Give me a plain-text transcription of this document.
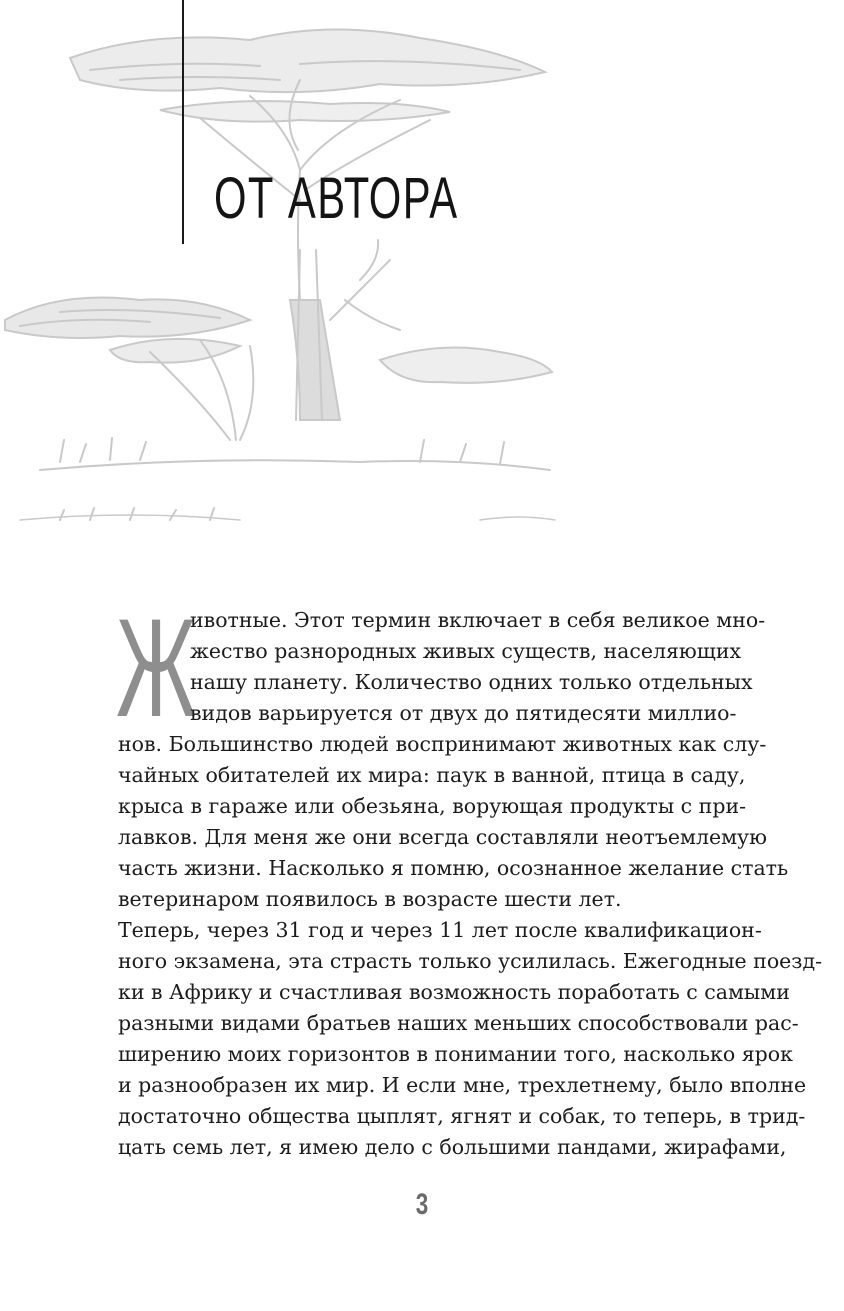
ОТ АВТОРА
Ж
ивотные. Этот термин включает в себя великое мно-
жество разнородных живых существ, населяющих
нашу планету. Количество одних только отдельных
видов варьируется от двух до пятидесяти миллио-
нов. Большинство людей воспринимают животных как слу-
чайных обитателей их мира: паук в ванной, птица в саду,
крыса в гараже или обезьяна, ворующая продукты с при-
лавков. Для меня же они всегда составляли неотъемлемую
часть жизни. Насколько я помню, осознанное желание стать
ветеринаром появилось в возрасте шести лет.
Теперь, через 31 год и через 11 лет после квалификацион-
ного экзамена, эта страсть только усилилась. Ежегодные поезд-
ки в Африку и счастливая возможность поработать с самыми
разными видами братьев наших меньших способствовали рас-
ширению моих горизонтов в понимании того, насколько ярок
и разнообразен их мир. И если мне, трехлетнему, было вполне
достаточно общества цыплят, ягнят и собак, то теперь, в трид-
цать семь лет, я имею дело с большими пандами, жирафами,
3
